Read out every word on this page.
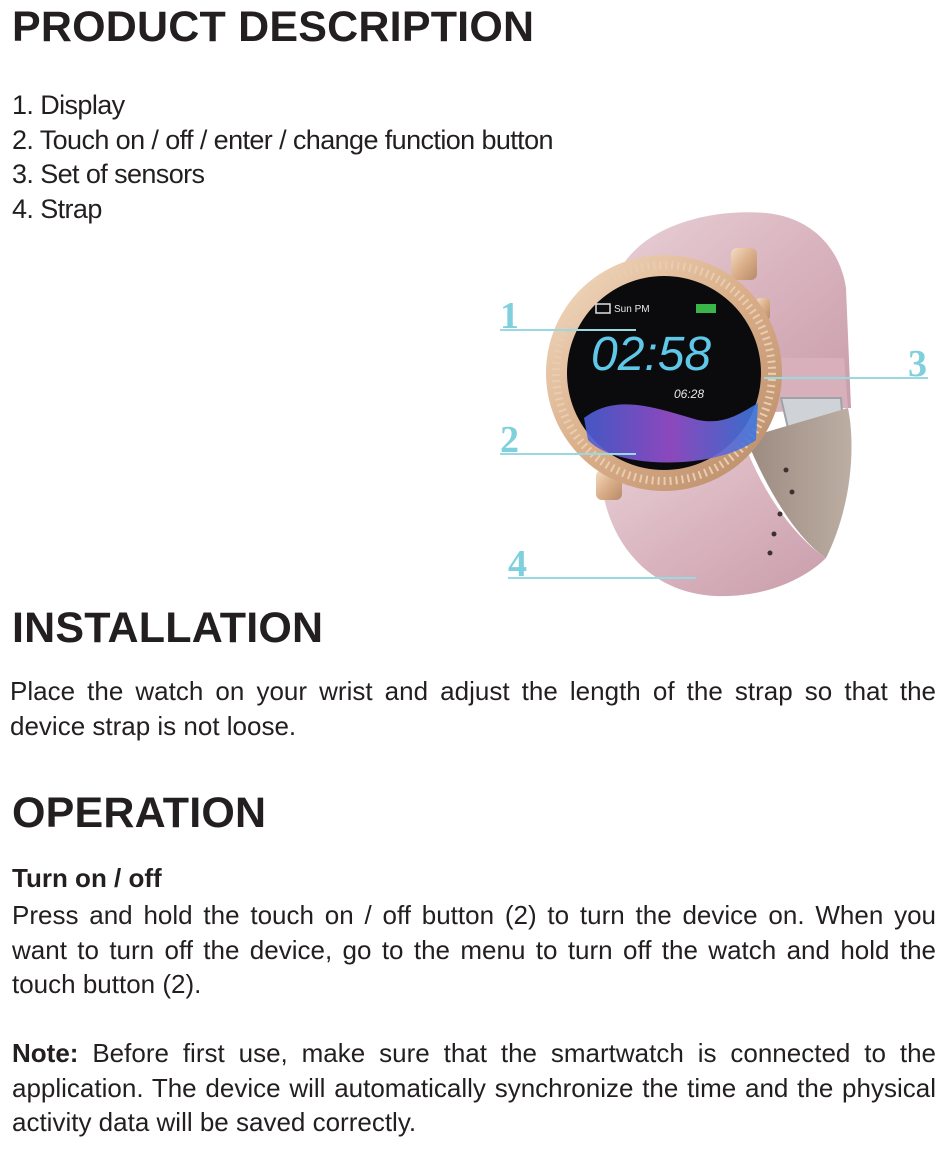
PRODUCT DESCRIPTION
1. Display
2. Touch on / off / enter / change function button
3. Set of sensors
4. Strap
Sun PM
02:58
06:28
1
2
3
4
INSTALLATION

Place the watch on your wrist and adjust the length of the strap so that the device strap is not loose.

OPERATION

Turn on / off

Press and hold the touch on / off button (2) to turn the device on. When you want to turn off the device, go to the menu to turn off the watch and hold the touch button (2).

Note: Before first use, make sure that the smartwatch is connected to the application. The device will automatically synchronize the time and the physical activity data will be saved correctly.
